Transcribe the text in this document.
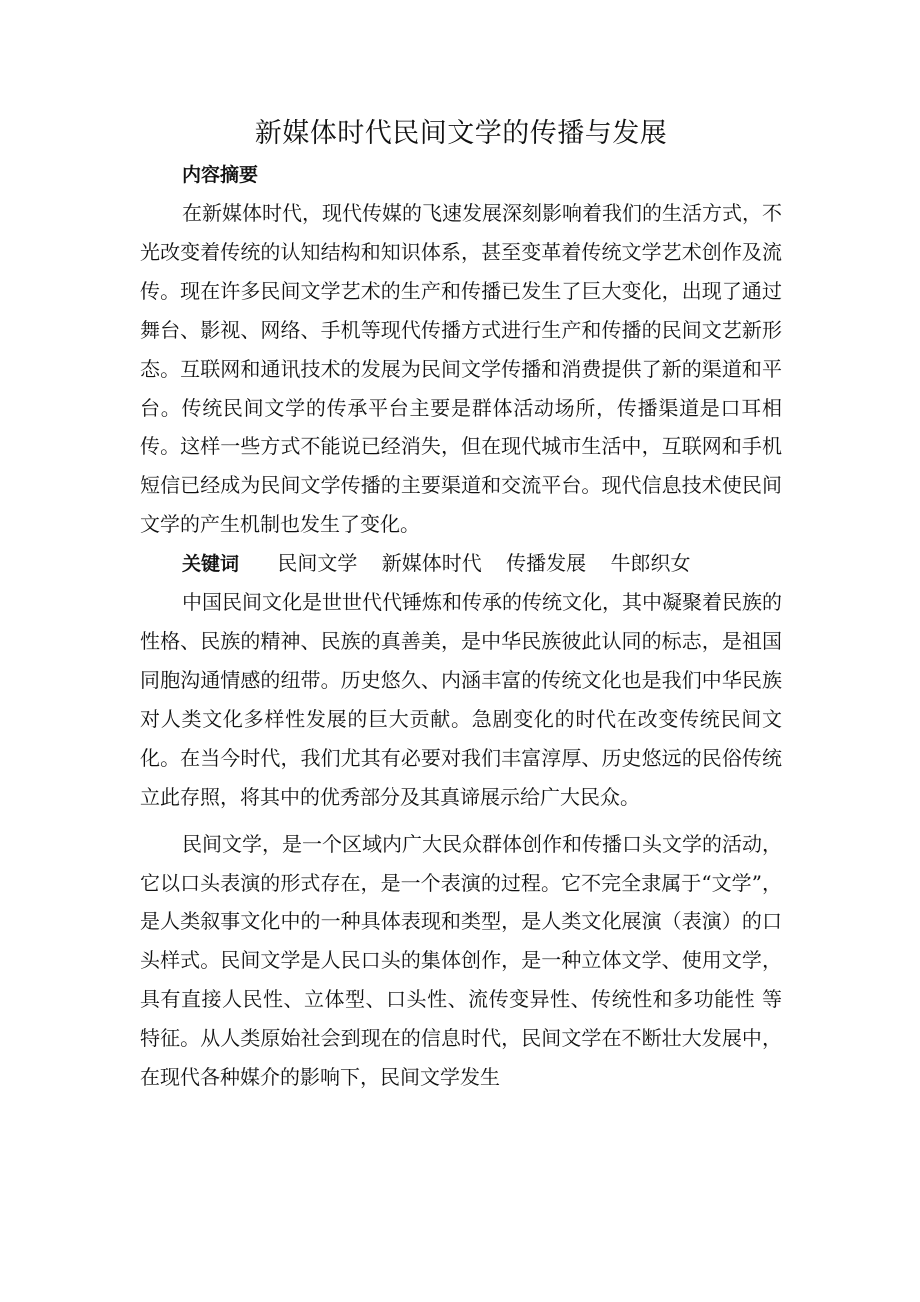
新媒体时代民间文学的传播与发展
内容摘要

在新媒体时代，现代传媒的飞速发展深刻影响着我们的生活方式，不光改变着传统的认知结构和知识体系，甚至变革着传统文学艺术创作及流传。现在许多民间文学艺术的生产和传播已发生了巨大变化，出现了通过舞台、影视、网络、手机等现代传播方式进行生产和传播的民间文艺新形态。互联网和通讯技术的发展为民间文学传播和消费提供了新的渠道和平台。传统民间文学的传承平台主要是群体活动场所，传播渠道是口耳相传。这样一些方式不能说已经消失，但在现代城市生活中，互联网和手机短信已经成为民间文学传播的主要渠道和交流平台。现代信息技术使民间文学的产生机制也发生了变化。

关键词 民间文学 新媒体时代 传播发展 牛郎织女

中国民间文化是世世代代锤炼和传承的传统文化，其中凝聚着民族的性格、民族的精神、民族的真善美，是中华民族彼此认同的标志，是祖国同胞沟通情感的纽带。历史悠久、内涵丰富的传统文化也是我们中华民族对人类文化多样性发展的巨大贡献。急剧变化的时代在改变传统民间文化。在当今时代，我们尤其有必要对我们丰富淳厚、历史悠远的民俗传统立此存照，将其中的优秀部分及其真谛展示给广大民众。

民间文学，是一个区域内广大民众群体创作和传播口头文学的活动，它以口头表演的形式存在，是一个表演的过程。它不完全隶属于“文学”，是人类叙事文化中的一种具体表现和类型，是人类文化展演（表演）的口头样式。民间文学是人民口头的集体创作，是一种立体文学、使用文学，具有直接人民性、立体型、口头性、流传变异性、传统性和多功能性 等特征。从人类原始社会到现在的信息时代，民间文学在不断壮大发展中，在现代各种媒介的影响下，民间文学发生
